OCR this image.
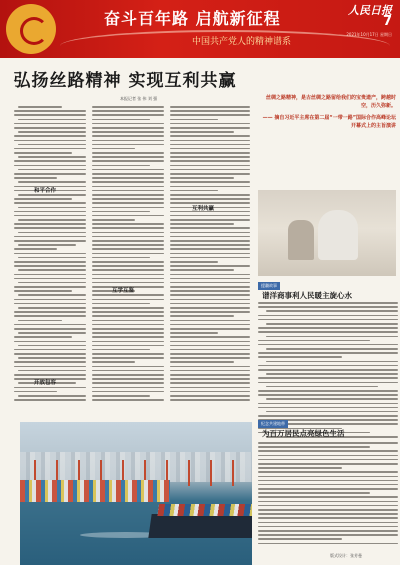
奋斗百年路 启航新征程
中国共产党人的精神谱系
人民日报
7
2021年10月17日 星期日
弘扬丝路精神 实现互利共赢
本报记者 张 伟 刘 强
和平合作
开放包容
互学互鉴
互利共赢
丝绸之路精神，是古丝绸之路留给我们的宝贵遗产，跨越时空，历久弥新。
—— 摘自习近平主席在第二届“一带一路”国际合作高峰论坛开幕式上的主旨演讲
援疆故事
谱洋商事利人民暖主旋心水
纪念共建地带
为百万居民点亮绿色生活
版式设计：张芳曼
